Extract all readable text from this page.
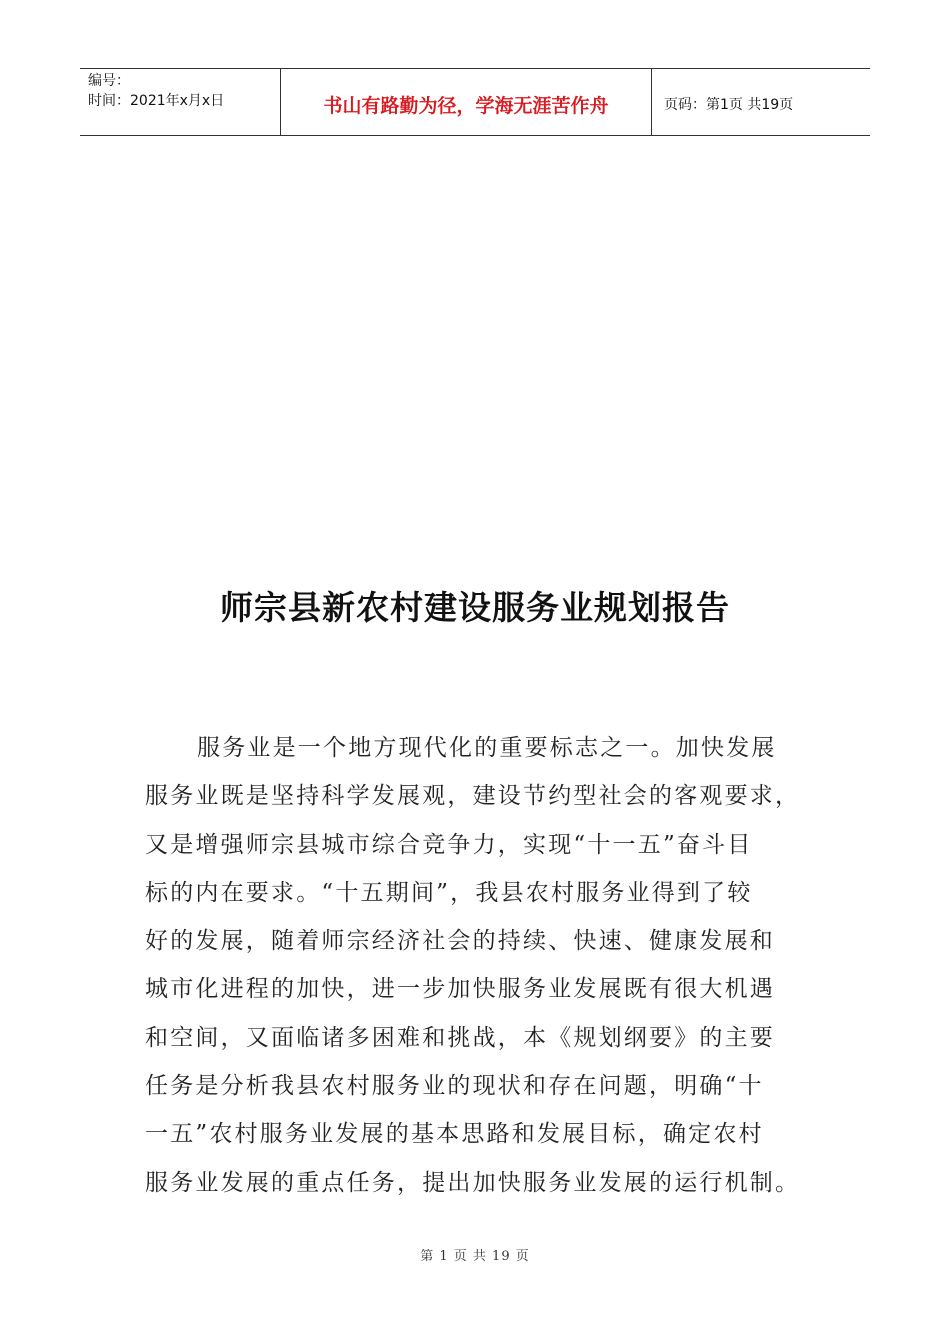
编号：
时间：2021年x月x日	书山有路勤为径，学海无涯苦作舟	页码：第1页 共19页
师宗县新农村建设服务业规划报告
服务业是一个地方现代化的重要标志之一。加快发展
服务业既是坚持科学发展观，建设节约型社会的客观要求，
又是增强师宗县城市综合竞争力，实现“十一五”奋斗目
标的内在要求。“十五期间”，我县农村服务业得到了较
好的发展，随着师宗经济社会的持续、快速、健康发展和
城市化进程的加快，进一步加快服务业发展既有很大机遇
和空间，又面临诸多困难和挑战，本《规划纲要》的主要
任务是分析我县农村服务业的现状和存在问题，明确“十
一五”农村服务业发展的基本思路和发展目标，确定农村
服务业发展的重点任务，提出加快服务业发展的运行机制。
第 1 页 共 19 页
